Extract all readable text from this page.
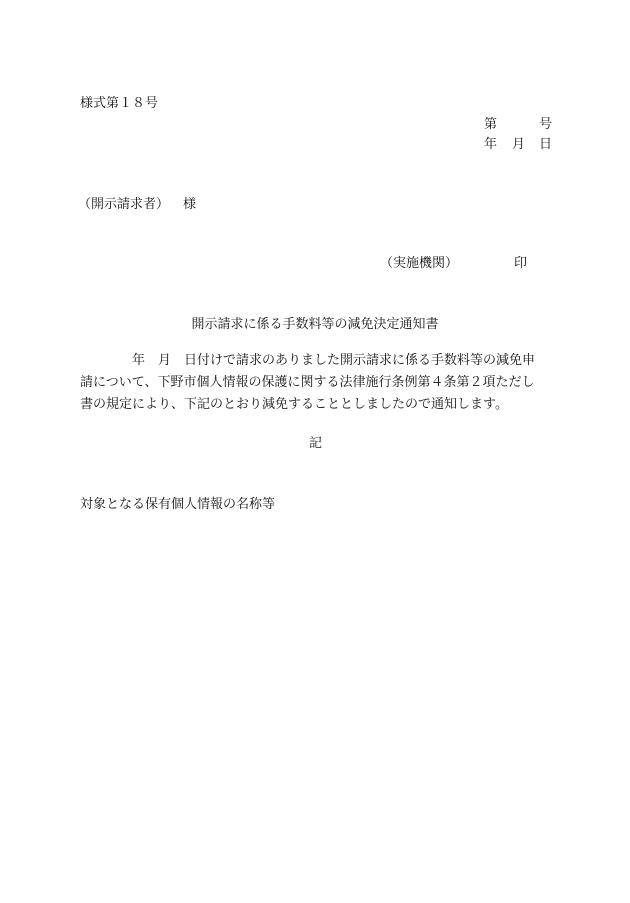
様式第１８号
第	号
年 月 日
（開示請求者） 様
（実施機関）	印
開示請求に係る手数料等の減免決定通知書
　　　　年　月　日付けで請求のありました開示請求に係る手数料等の減免申
請について、下野市個人情報の保護に関する法律施行条例第４条第２項ただし
書の規定により、下記のとおり減免することとしましたので通知します。
記
対象となる保有個人情報の名称等
